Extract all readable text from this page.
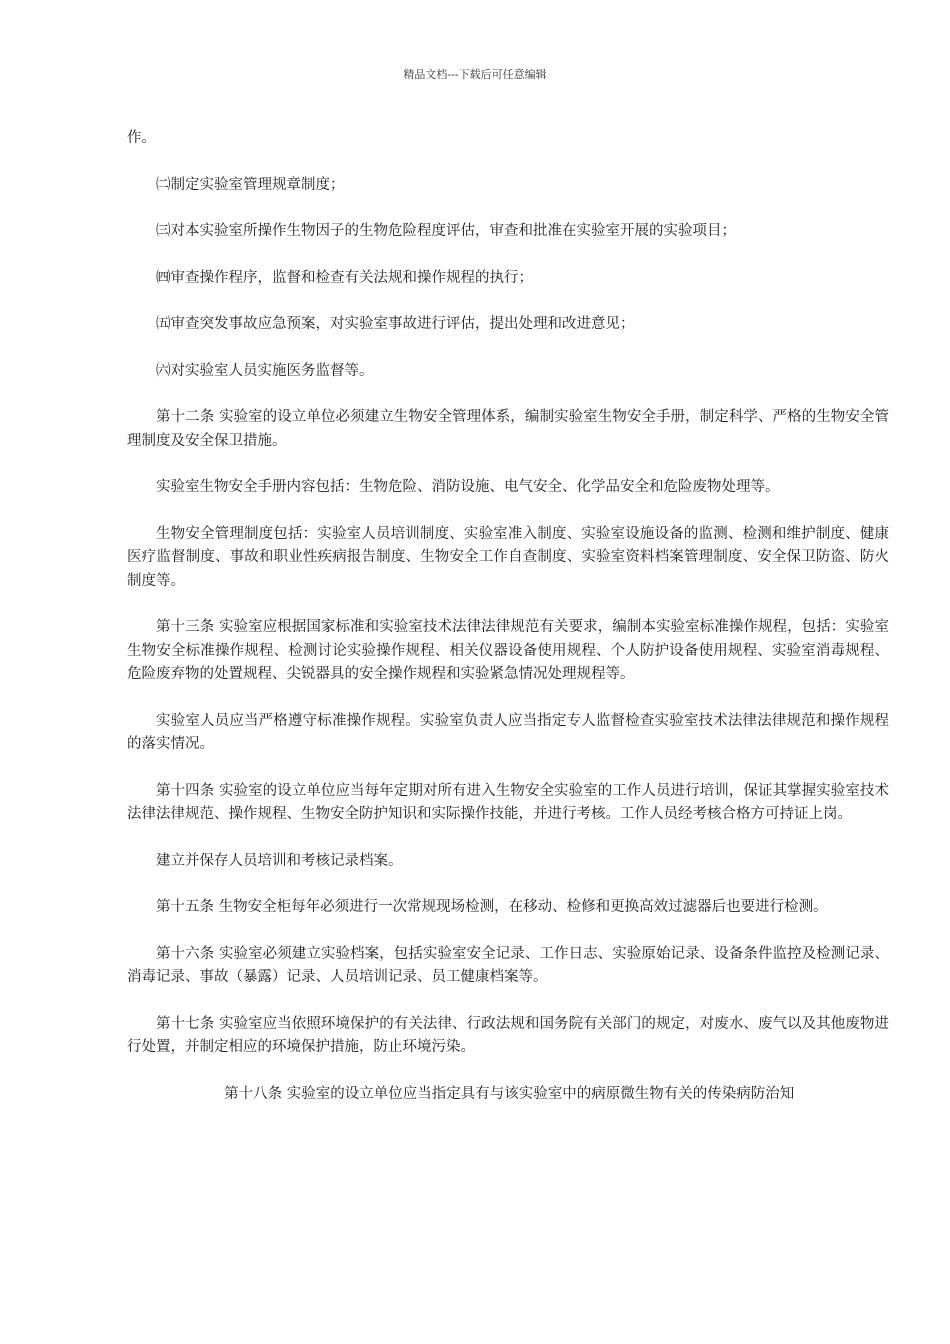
精品文档---下载后可任意编辑

作。

㈡制定实验室管理规章制度；

㈢对本实验室所操作生物因子的生物危险程度评估，审查和批准在实验室开展的实验项目；

㈣审查操作程序，监督和检查有关法规和操作规程的执行；

㈤审查突发事故应急预案，对实验室事故进行评估，提出处理和改进意见；

㈥对实验室人员实施医务监督等。

第十二条 实验室的设立单位必须建立生物安全管理体系，编制实验室生物安全手册，制定科学、严格的生物安全管理制度及安全保卫措施。

实验室生物安全手册内容包括：生物危险、消防设施、电气安全、化学品安全和危险废物处理等。

生物安全管理制度包括：实验室人员培训制度、实验室准入制度、实验室设施设备的监测、检测和维护制度、健康医疗监督制度、事故和职业性疾病报告制度、生物安全工作自查制度、实验室资料档案管理制度、安全保卫防盗、防火制度等。

第十三条 实验室应根据国家标准和实验室技术法律法律规范有关要求，编制本实验室标准操作规程，包括：实验室生物安全标准操作规程、检测讨论实验操作规程、相关仪器设备使用规程、个人防护设备使用规程、实验室消毒规程、危险废弃物的处置规程、尖锐器具的安全操作规程和实验紧急情况处理规程等。

实验室人员应当严格遵守标准操作规程。实验室负责人应当指定专人监督检查实验室技术法律法律规范和操作规程的落实情况。

第十四条 实验室的设立单位应当每年定期对所有进入生物安全实验室的工作人员进行培训，保证其掌握实验室技术法律法律规范、操作规程、生物安全防护知识和实际操作技能，并进行考核。工作人员经考核合格方可持证上岗。

建立并保存人员培训和考核记录档案。

第十五条 生物安全柜每年必须进行一次常规现场检测，在移动、检修和更换高效过滤器后也要进行检测。

第十六条 实验室必须建立实验档案，包括实验室安全记录、工作日志、实验原始记录、设备条件监控及检测记录、消毒记录、事故（暴露）记录、人员培训记录、员工健康档案等。

第十七条 实验室应当依照环境保护的有关法律、行政法规和国务院有关部门的规定，对废水、废气以及其他废物进行处置，并制定相应的环境保护措施，防止环境污染。

第十八条 实验室的设立单位应当指定具有与该实验室中的病原微生物有关的传染病防治知
